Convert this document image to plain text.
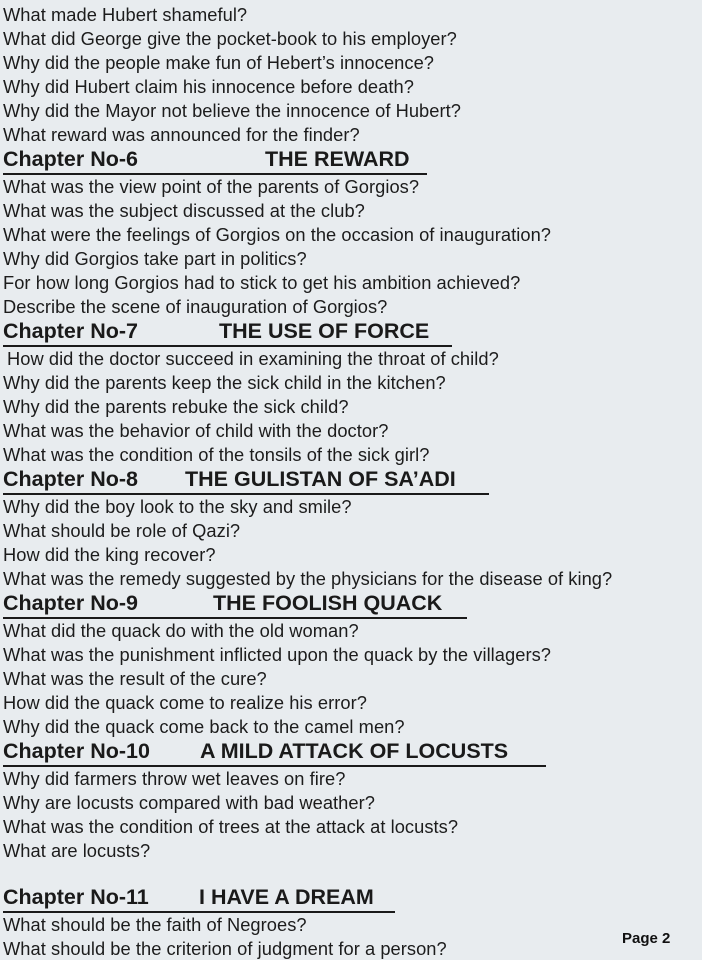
What made Hubert shameful?
What did George give the pocket-book to his employer?
Why did the people make fun of Hebert’s innocence?
Why did Hubert claim his innocence before death?
Why did the Mayor not believe the innocence of Hubert?
What reward was announced for the finder?
Chapter No-6	THE REWARD
What was the view point of the parents of Gorgios?
What was the subject discussed at the club?
What were the feelings of Gorgios on the occasion of inauguration?
Why did Gorgios take part in politics?
For how long Gorgios had to stick to get his ambition achieved?
Describe the scene of inauguration of Gorgios?
Chapter No-7	THE USE OF FORCE
How did the doctor succeed in examining the throat of child?
Why did the parents keep the sick child in the kitchen?
Why did the parents rebuke the sick child?
What was the behavior of child with the doctor?
What was the condition of the tonsils of the sick girl?
Chapter No-8 THE GULISTAN OF SA’ADI
Why did the boy look to the sky and smile?
What should be role of Qazi?
How did the king recover?
What was the remedy suggested by the physicians for the disease of king?
Chapter No-9	THE FOOLISH QUACK
What did the quack do with the old woman?
What was the punishment inflicted upon the quack by the villagers?
What was the result of the cure?
How did the quack come to realize his error?
Why did the quack come back to the camel men?
Chapter No-10 A MILD ATTACK OF LOCUSTS
Why did farmers throw wet leaves on fire?
Why are locusts compared with bad weather?
What was the condition of trees at the attack at locusts?
What are locusts?
Chapter No-11 I HAVE A DREAM
What should be the faith of Negroes?
What should be the criterion of judgment for a person?	Page 2
